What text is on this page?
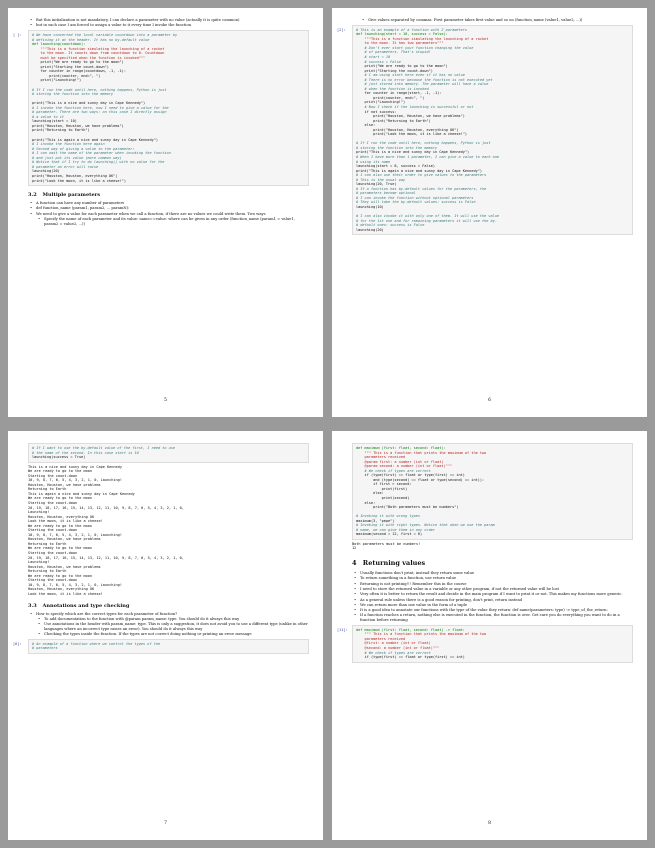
• But this initialization is not mandatory, I can declare a parameter with no value (actually it is quite common)
• but in such case I am forced to assign a value to it every time I invoke the function
[ ]:	# We have converted the local variable countdown into a parameter by
# defining it at the header. It has no by-default value
def launching(countdown):
"""This is a function simulating the launching of a rocket
to the moon. It counts down from countdown to 0. Countdown
must be specified when the function is invoked"""
print("We are ready to go to the moon")
print("Starting the count-down")
for counter in range(countdown, -1, -1):
print(counter, end=", ")
print("Launching!")

# If I run the code until here, nothing happens, Python is just
# storing the function into the memory

print("This is a nice and sunny day in Cape Kennedy")
# I invoke the function here, now I need to give a value for the
# parameter. There are two ways: on this case I directly assign
# a value to it
launching(start = 10)
print("Houston, Houston, we have problems")
print("Returning to Earth")

print("This is again a nice and sunny day in Cape Kennedy")
# I invoke the function here again
# Second way of giving a value to the parameter:
# I can omit the name of the parameter when invoking the function
# and just put its value (more common way)
# Notice that if I try to do launching() with no value for the
# parameter an error will raise
launching(20)
print("Houston, Houston, everything OK")
print("Look the moon, it is like a cheese!")
3.2 Multiple parameters
• A function can have any number of parameters
• def function_name (param1, param2, ... paramN):
• We need to give a value for each parameter when we call a function, if there are no values we could write them. Two ways
• Specify the name of each parameter and its value: name==value: where can be given in any order (function_name (param1 = value1, param2 = value2, ...))
5
• Give values separated by commas. First parameter takes first value and so on (function_name (value1, value2, ...))
[2]:	# This is an example of a function with 2 parameters
def launching(start = 10, success = False):
"""This is a function simulating the launching of a rocket
to the moon. It has two parameters"""
# Don't ever start your function changing the value
# of parameters. That's stupid!
# start = 10
# success = False
print("We are ready to go to the moon")
print("Starting the count-down")
# I am using start here even if it has no value
# There is no error because the function is not executed yet
# just stored into memory. The parameter will have a value
# when the function is invoked
for counter in range(start, -1, -1):
print(counter, end=", ")
print("Launching!")
# Now I check if the launching is successful or not
if not success:
print("Houston, Houston, we have problems")
print("Returning to Earth")
else:
print("Houston, Houston, everything OK")
print("Look the moon, it is like a cheese!")

# If I run the code until here, nothing happens, Python is just
# storing the function into the memory
print("This is a nice and sunny day in Cape Kennedy")
# When I have more than 1 parameter, I can give a value to each one
# using its name
launching(start = 8, success = False)
print("This is again a nice and sunny day in Cape Kennedy")
# I can also use their order to give values to the parameters
# This is the usual way
launching(20, True)
# If a function has by-default values for the parameters, the
# parameters become optional
# I can invoke the function without optional parameters
# They will take the by-default values: success is False
launching(10)

# I can also invoke it with only one of them. It will use the value
# for the 1st one and for remaining parameters it will use the by-
# default ones: success is False
launching(20)
6
# If I want to use the by-default value of the first, I need to use
# the name of the second. In this case start is 10
launching(success = True)
This is a nice and sunny day in Cape Kennedy
We are ready to go to the moon
Starting the count-down
10, 9, 8, 7, 6, 5, 4, 3, 2, 1, 0, Launching!
Houston, Houston, we have problems
Returning to Earth
This is again a nice and sunny day in Cape Kennedy
We are ready to go to the moon
Starting the count-down
20, 19, 18, 17, 16, 15, 14, 13, 12, 11, 10, 9, 8, 7, 6, 5, 4, 3, 2, 1, 0,
Launching!
Houston, Houston, everything OK
Look the moon, it is like a cheese!
We are ready to go to the moon
Starting the count-down
10, 9, 8, 7, 6, 5, 4, 3, 2, 1, 0, Launching!
Houston, Houston, we have problems
Returning to Earth
We are ready to go to the moon
Starting the count-down
20, 19, 18, 17, 16, 15, 14, 13, 12, 11, 10, 9, 8, 7, 6, 5, 4, 3, 2, 1, 0,
Launching!
Houston, Houston, we have problems
Returning to Earth
We are ready to go to the moon
Starting the count-down
10, 9, 8, 7, 6, 5, 4, 3, 2, 1, 0, Launching!
Houston, Houston, everything OK
Look the moon, it is like a cheese!
3.3 Annotations and type checking
• How to specify which are the correct types for each parameter of function?
• To add documentation to the function with @param param_name: type. You should do it always this way
• Use annotations in the header with param_name: type. This is only a suggestion, it does not avoid you to use a different type (unlike in other languages where an incorrect type raises an error). You should do it always this way
• Checking the types inside the function. If the types are not correct doing nothing or printing an error message
[6]:	# An example of a function where we control the types of the
# parameters
7
def maximum (first: float, second: float):
""" This is a function that prints the maximum of the two
parameters received
@param first: a number (int or float)
@param second: a number (int or float)"""
# We check if types are correct
if (type(first) == float or type(first) == int)
and (type(second) == float or type(second) == int)):
if first > second:
print(first)
else:
print(second)
else:
print("Both parameters must be numbers")

# Invoking it with wrong types
maximum(3, "pepe")
# Invoking it with right types. Notice that when we use the param
# name, we can give them in any order
maximum(second = 12, first = 6)
Both parameters must be numbers!
12
4 Returning values
• Usually functions don't print, instead they return some value
• To return something in a function, use return value
• Returning is not printing!!! Remember this in the course
• I need to store the returned value in a variable or any other program, if not the returned value will be lost
• Very often it is better to return the result and decide in the main program if I want to print it or not. This makes my functions more generic.
• As a general rule unless there is a good reason for printing, don't print, return instead
• We can return more than one value in the form of a tuple
• It is a good idea to annotate our functions with the type of the value they return: def name(parameters: type) -> type_of_the_return:
• If a function reaches a return, nothing else is executed in the function, the function is over. Get sure you do everything you want to do in a function before returning
[11]: def maximum (first: float, second: float) -> float:
""" This is a function that prints the maximum of the two
parameters received
@first: a number (int or float)
@second: a number (int or float)"""
# We check if types are correct
if (type(first) == float or type(first) == int)
8
